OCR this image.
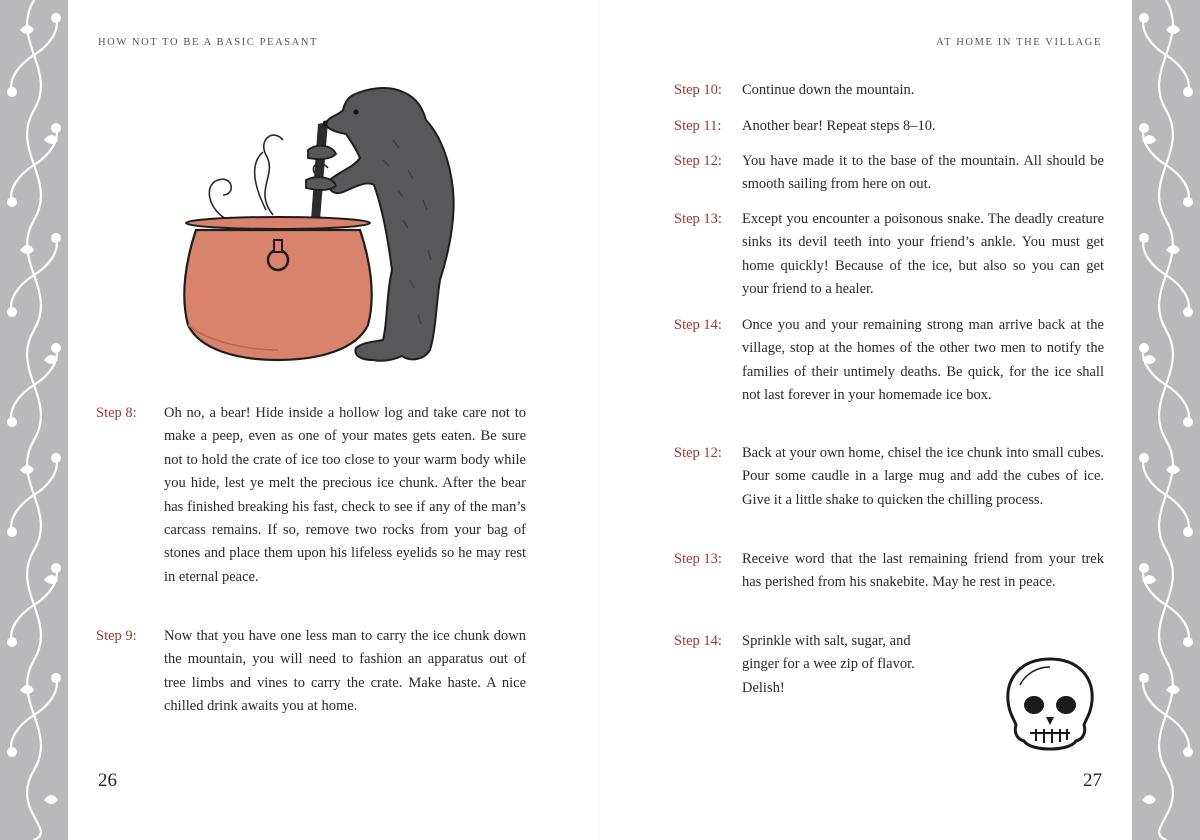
HOW NOT TO BE A BASIC PEASANT
Step 8:	Oh no, a bear! Hide inside a hollow log and take care not to make a peep, even as one of your mates gets eaten. Be sure not to hold the crate of ice too close to your warm body while you hide, lest ye melt the precious ice chunk. After the bear has finished breaking his fast, check to see if any of the man’s carcass remains. If so, remove two rocks from your bag of stones and place them upon his lifeless eyelids so he may rest in eternal peace.
Step 9:	Now that you have one less man to carry the ice chunk down the mountain, you will need to fashion an apparatus out of tree limbs and vines to carry the crate. Make haste. A nice chilled drink awaits you at home.
26
AT HOME IN THE VILLAGE
Step 10:	Continue down the mountain.
Step 11:	Another bear! Repeat steps 8–10.
Step 12:	You have made it to the base of the mountain. All should be smooth sailing from here on out.
Step 13:	Except you encounter a poisonous snake. The deadly creature sinks its devil teeth into your friend’s ankle. You must get home quickly! Because of the ice, but also so you can get your friend to a healer.
Step 14:	Once you and your remaining strong man arrive back at the village, stop at the homes of the other two men to notify the families of their untimely deaths. Be quick, for the ice shall not last forever in your homemade ice box.
Step 12:	Back at your own home, chisel the ice chunk into small cubes. Pour some caudle in a large mug and add the cubes of ice. Give it a little shake to quicken the chilling process.
Step 13:	Receive word that the last remaining friend from your trek has perished from his snakebite. May he rest in peace.
Step 14:	Sprinkle with salt, sugar, and ginger for a wee zip of flavor. Delish!
27
